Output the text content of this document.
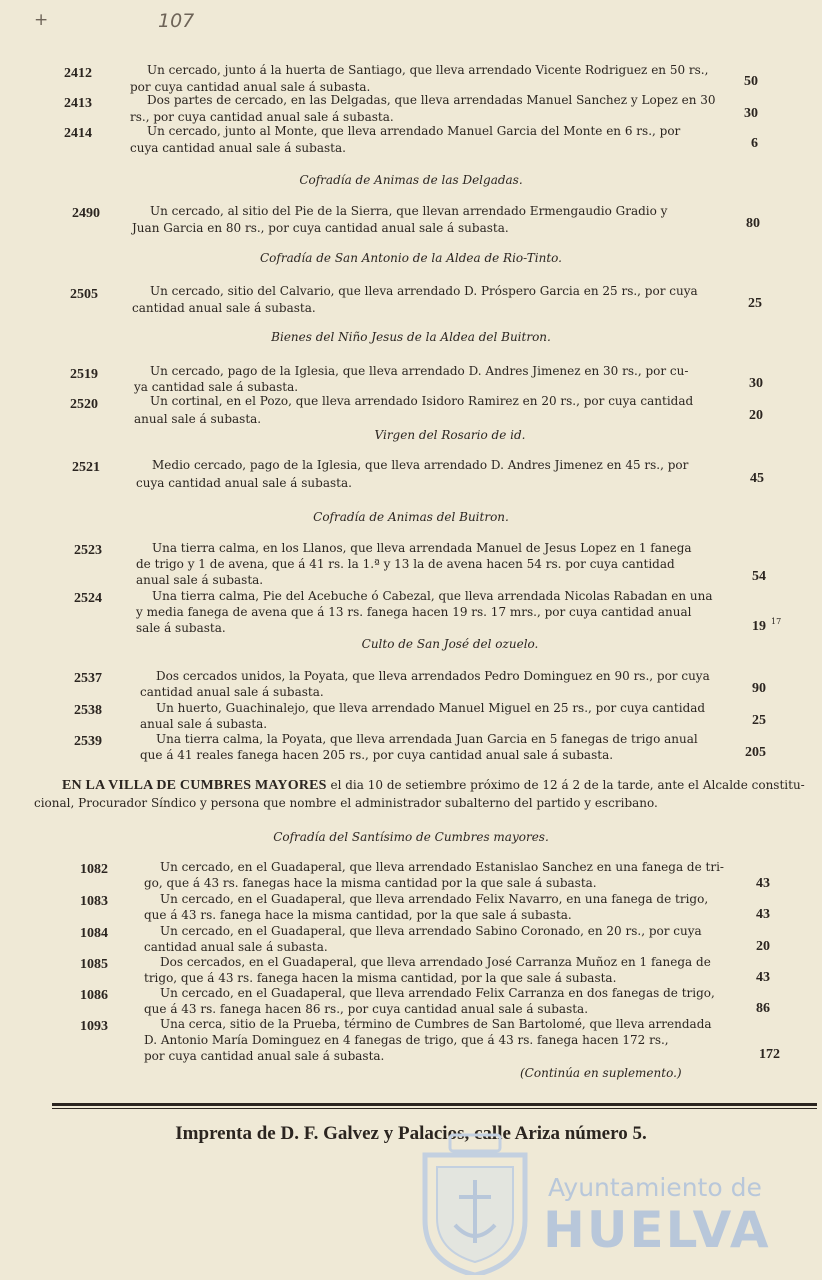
+	107
2412	Un cercado, junto á la huerta de Santiago, que lleva arrendado Vicente Rodriguez en 50 rs.,
por cuya cantidad anual sale á subasta.	50
2413	Dos partes de cercado, en las Delgadas, que lleva arrendadas Manuel Sanchez y Lopez en 30
rs., por cuya cantidad anual sale á subasta.	30
2414	Un cercado, junto al Monte, que lleva arrendado Manuel Garcia del Monte en 6 rs., por
cuya cantidad anual sale á subasta.	6
Cofradía de Animas de las Delgadas.
2490	Un cercado, al sitio del Pie de la Sierra, que llevan arrendado Ermengaudio Gradio y
Juan Garcia en 80 rs., por cuya cantidad anual sale á subasta.	80
Cofradía de San Antonio de la Aldea de Rio-Tinto.
2505	Un cercado, sitio del Calvario, que lleva arrendado D. Próspero Garcia en 25 rs., por cuya
cantidad anual sale á subasta.	25
Bienes del Niño Jesus de la Aldea del Buitron.
2519	Un cercado, pago de la Iglesia, que lleva arrendado D. Andres Jimenez en 30 rs., por cu-
ya cantidad sale á subasta.	30
2520	Un cortinal, en el Pozo, que lleva arrendado Isidoro Ramirez en 20 rs., por cuya cantidad
anual sale á subasta.	20
Virgen del Rosario de id.
2521	Medio cercado, pago de la Iglesia, que lleva arrendado D. Andres Jimenez en 45 rs., por
cuya cantidad anual sale á subasta.	45
Cofradía de Animas del Buitron.
2523	Una tierra calma, en los Llanos, que lleva arrendada Manuel de Jesus Lopez en 1 fanega
de trigo y 1 de avena, que á 41 rs. la 1.ª y 13 la de avena hacen 54 rs. por cuya cantidad
anual sale á subasta.	54
2524	Una tierra calma, Pie del Acebuche ó Cabezal, que lleva arrendada Nicolas Rabadan en una
y media fanega de avena que á 13 rs. fanega hacen 19 rs. 17 mrs., por cuya cantidad anual
sale á subasta.	19 17
Culto de San José del ozuelo.
2537	Dos cercados unidos, la Poyata, que lleva arrendados Pedro Dominguez en 90 rs., por cuya
cantidad anual sale á subasta.	90
2538	Un huerto, Guachinalejo, que lleva arrendado Manuel Miguel en 25 rs., por cuya cantidad
anual sale á subasta.	25
2539	Una tierra calma, la Poyata, que lleva arrendada Juan Garcia en 5 fanegas de trigo anual
que á 41 reales fanega hacen 205 rs., por cuya cantidad anual sale á subasta.	205
EN LA VILLA DE CUMBRES MAYORES el dia 10 de setiembre próximo de 12 á 2 de la tarde, ante el Alcalde constitu-
cional, Procurador Síndico y persona que nombre el administrador subalterno del partido y escribano.
Cofradía del Santísimo de Cumbres mayores.
1082	Un cercado, en el Guadaperal, que lleva arrendado Estanislao Sanchez en una fanega de tri-
go, que á 43 rs. fanegas hace la misma cantidad por la que sale á subasta.	43
1083	Un cercado, en el Guadaperal, que lleva arrendado Felix Navarro, en una fanega de trigo,
que á 43 rs. fanega hace la misma cantidad, por la que sale á subasta.	43
1084	Un cercado, en el Guadaperal, que lleva arrendado Sabino Coronado, en 20 rs., por cuya
cantidad anual sale á subasta.	20
1085	Dos cercados, en el Guadaperal, que lleva arrendado José Carranza Muñoz en 1 fanega de
trigo, que á 43 rs. fanega hacen la misma cantidad, por la que sale á subasta.	43
1086	Un cercado, en el Guadaperal, que lleva arrendado Felix Carranza en dos fanegas de trigo,
que á 43 rs. fanega hacen 86 rs., por cuya cantidad anual sale á subasta.	86
1093	Una cerca, sitio de la Prueba, término de Cumbres de San Bartolomé, que lleva arrendada
D. Antonio María Dominguez en 4 fanegas de trigo, que á 43 rs. fanega hacen 172 rs.,
por cuya cantidad anual sale á subasta.	172
(Continúa en suplemento.)
Imprenta de D. F. Galvez y Palacios, calle Ariza número 5.
Ayuntamiento de
HUELVA
